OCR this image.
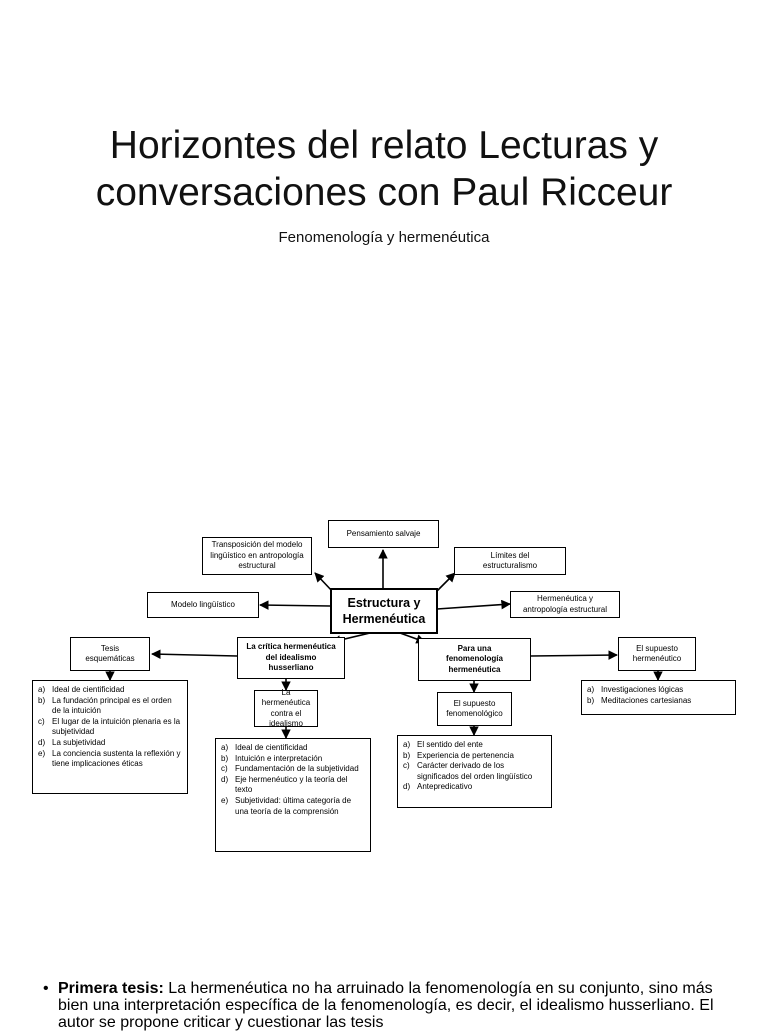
Horizontes del relato Lecturas y
conversaciones con Paul Ricceur
Fenomenología y hermenéutica
Estructura y Hermenéutica
Pensamiento salvaje
Transposición del modelo lingüístico en antropología estructural
Límites del estructuralismo
Modelo lingüístico
Hermenéutica y antropología estructural
Tesis esquemáticas
La crítica hermenéutica del idealismo husserliano
Para una fenomenología hermenéutica
El supuesto hermenéutico
La hermenéutica contra el idealismo
El supuesto fenomenológico
a) Ideal de cientificidad
b) La fundación principal es el orden de la intuición
c) El lugar de la intuición plenaria es la subjetividad
d) La subjetividad
e) La conciencia sustenta la reflexión y tiene implicaciones éticas
a) Ideal de cientificidad
b) Intuición e interpretación
c) Fundamentación de la subjetividad
d) Eje hermenéutico y la teoría del texto
e) Subjetividad: última categoría de una teoría de la comprensión
a) El sentido del ente
b) Experiencia de pertenencia
c) Carácter derivado de los significados del orden lingüístico
d) Antepredicativo
a) Investigaciones lógicas
b) Meditaciones cartesianas
• Primera tesis: La hermenéutica no ha arruinado la fenomenología en su conjunto, sino más bien una interpretación específica de la fenomenología, es decir, el idealismo husserliano. El autor se propone criticar y cuestionar las tesis
